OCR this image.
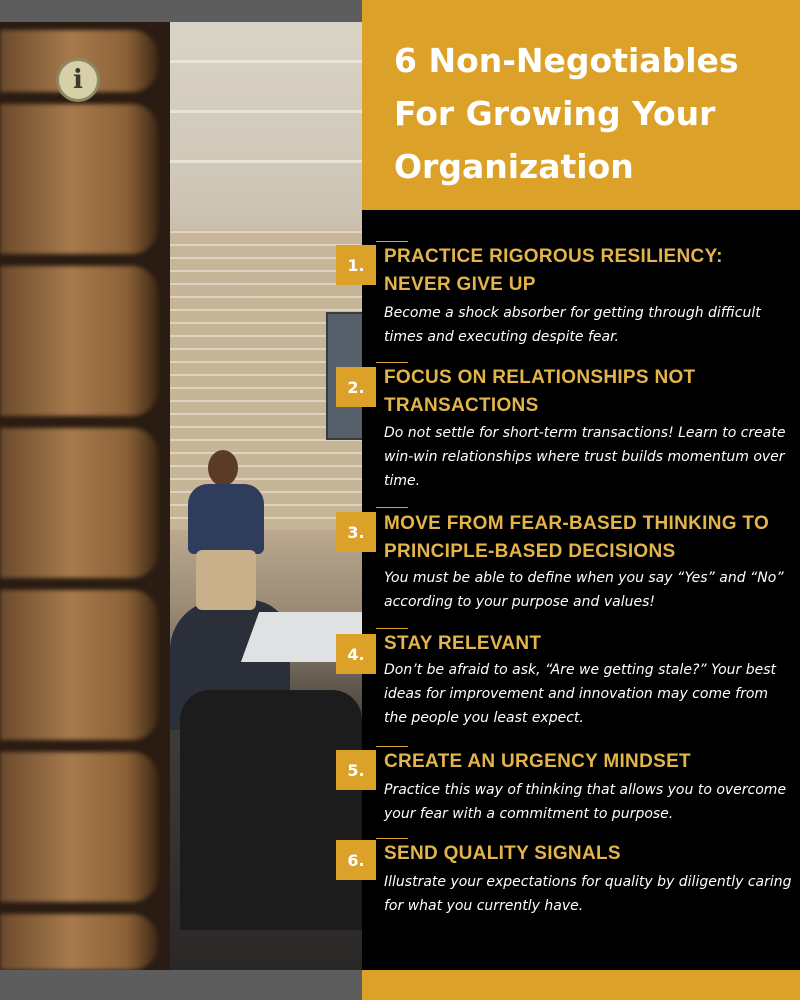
i	6 Non-Negotiables For Growing Your Organization
1.	PRACTICE RIGOROUS RESILIENCY: NEVER GIVE UP

Become a shock absorber for getting through difficult times and executing despite fear.

2.	FOCUS ON RELATIONSHIPS NOT TRANSACTIONS

Do not settle for short-term transactions! Learn to create win-win relationships where trust builds momentum over time.

3.	MOVE FROM FEAR-BASED THINKING TO PRINCIPLE-BASED DECISIONS

You must be able to define when you say “Yes” and “No” according to your purpose and values!

4.	STAY RELEVANT

Don’t be afraid to ask, “Are we getting stale?” Your best ideas for improvement and innovation may come from the people you least expect.

5.	CREATE AN URGENCY MINDSET

Practice this way of thinking that allows you to overcome your fear with a commitment to purpose.

6.	SEND QUALITY SIGNALS

Illustrate your expectations for quality by diligently caring for what you currently have.
